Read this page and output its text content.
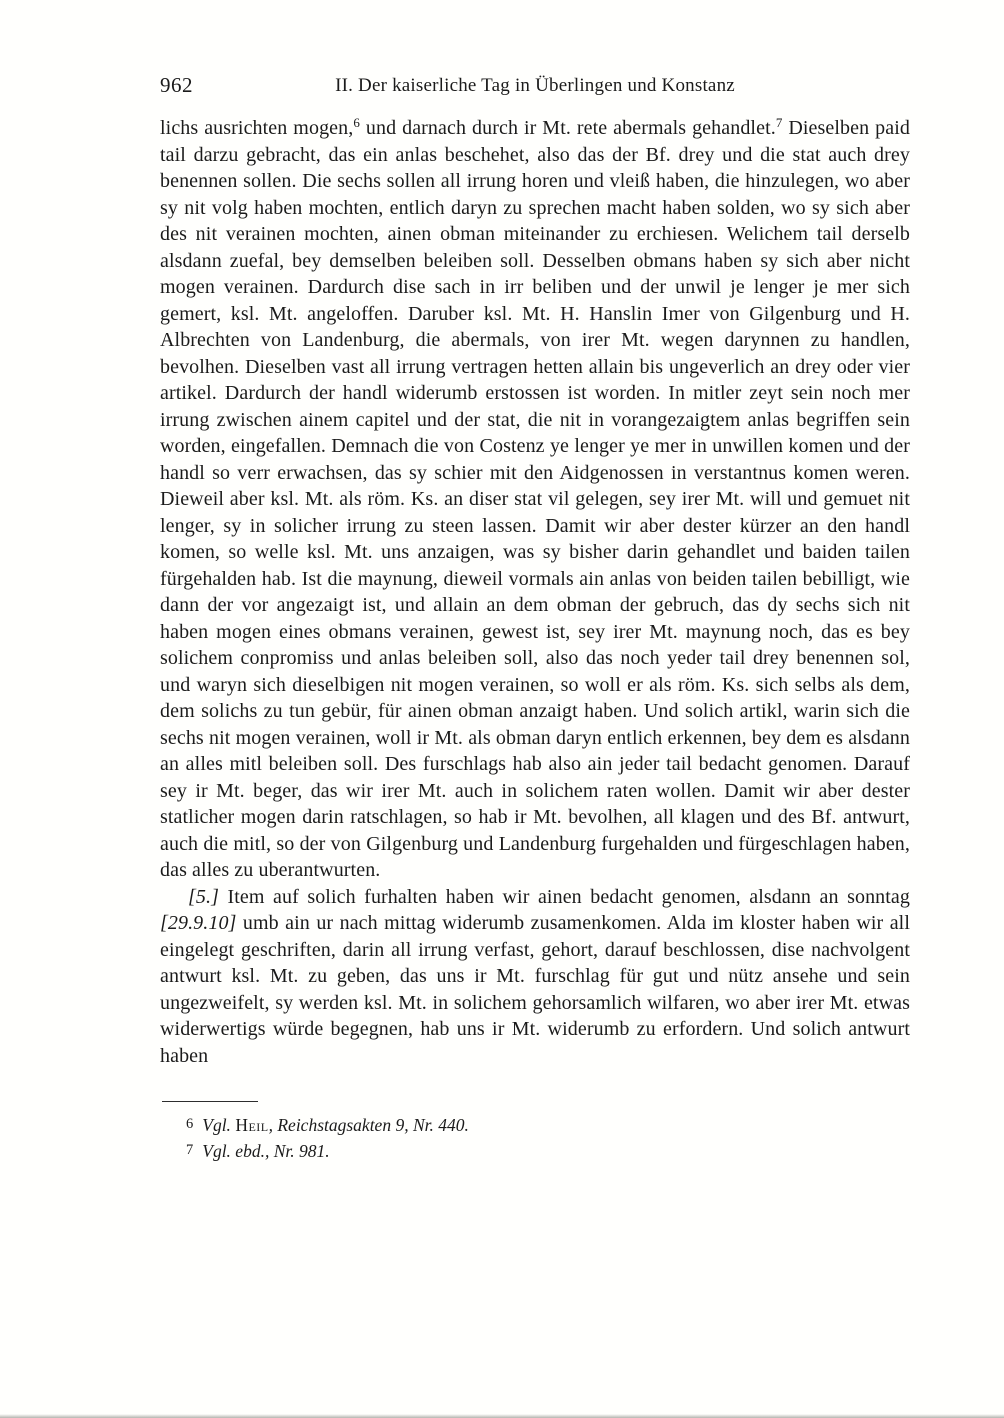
962	II. Der kaiserliche Tag in Überlingen und Konstanz

lichs ausrichten mogen,$^6$ und darnach durch ir Mt. rete abermals gehandlet.$^7$ Dieselben paid tail darzu gebracht, das ein anlas beschehet, also das der Bf. drey und die stat auch drey benennen sollen. Die sechs sollen all irrung horen und vleiß haben, die hinzulegen, wo aber sy nit volg haben mochten, entlich daryn zu sprechen macht haben solden, wo sy sich aber des nit verainen mochten, ainen obman miteinander zu erchiesen. Welichem tail derselb alsdann zuefal, bey demselben beleiben soll. Desselben obmans haben sy sich aber nicht mogen verainen. Dardurch dise sach in irr beliben und der unwil je lenger je mer sich gemert, ksl. Mt. angeloffen. Daruber ksl. Mt. H. Hanslin Imer von Gilgenburg und H. Albrechten von Landenburg, die abermals, von irer Mt. wegen darynnen zu handlen, bevolhen. Dieselben vast all irrung vertragen hetten allain bis ungeverlich an drey oder vier artikel. Dardurch der handl widerumb erstossen ist worden. In mitler zeyt sein noch mer irrung zwischen ainem capitel und der stat, die nit in vorangezaigtem anlas begriffen sein worden, eingefallen. Demnach die von Costenz ye lenger ye mer in unwillen komen und der handl so verr erwachsen, das sy schier mit den Aidgenossen in verstantnus komen weren. Dieweil aber ksl. Mt. als röm. Ks. an diser stat vil gelegen, sey irer Mt. will und gemuet nit lenger, sy in solicher irrung zu steen lassen. Damit wir aber dester kürzer an den handl komen, so welle ksl. Mt. uns anzaigen, was sy bisher darin gehandlet und baiden tailen fürgehalden hab. Ist die maynung, dieweil vormals ain anlas von beiden tailen bebilligt, wie dann der vor angezaigt ist, und allain an dem obman der gebruch, das dy sechs sich nit haben mogen eines obmans verainen, gewest ist, sey irer Mt. maynung noch, das es bey solichem conpromiss und anlas beleiben soll, also das noch yeder tail drey benennen sol, und waryn sich dieselbigen nit mogen verainen, so woll er als röm. Ks. sich selbs als dem, dem solichs zu tun gebür, für ainen obman anzaigt haben. Und solich artikl, warin sich die sechs nit mogen verainen, woll ir Mt. als obman daryn entlich erkennen, bey dem es alsdann an alles mitl beleiben soll. Des furschlags hab also ain jeder tail bedacht genomen. Darauf sey ir Mt. beger, das wir irer Mt. auch in solichem raten wollen. Damit wir aber dester statlicher mogen darin ratschlagen, so hab ir Mt. bevolhen, all klagen und des Bf. antwurt, auch die mitl, so der von Gilgenburg und Landenburg furgehalden und fürgeschlagen haben, das alles zu uberantwurten.

[5.] Item auf solich furhalten haben wir ainen bedacht genomen, alsdann an sonntag [29.9.10] umb ain ur nach mittag widerumb zusamenkomen. Alda im kloster haben wir all eingelegt geschriften, darin all irrung verfast, gehort, darauf beschlossen, dise nachvolgent antwurt ksl. Mt. zu geben, das uns ir Mt. furschlag für gut und nütz ansehe und sein ungezweifelt, sy werden ksl. Mt. in solichem gehorsamlich wilfaren, wo aber irer Mt. etwas widerwertigs würde begegnen, hab uns ir Mt. widerumb zu erfordern. Und solich antwurt haben

6 Vgl. Heil, Reichstagsakten 9, Nr. 440.
7 Vgl. ebd., Nr. 981.
